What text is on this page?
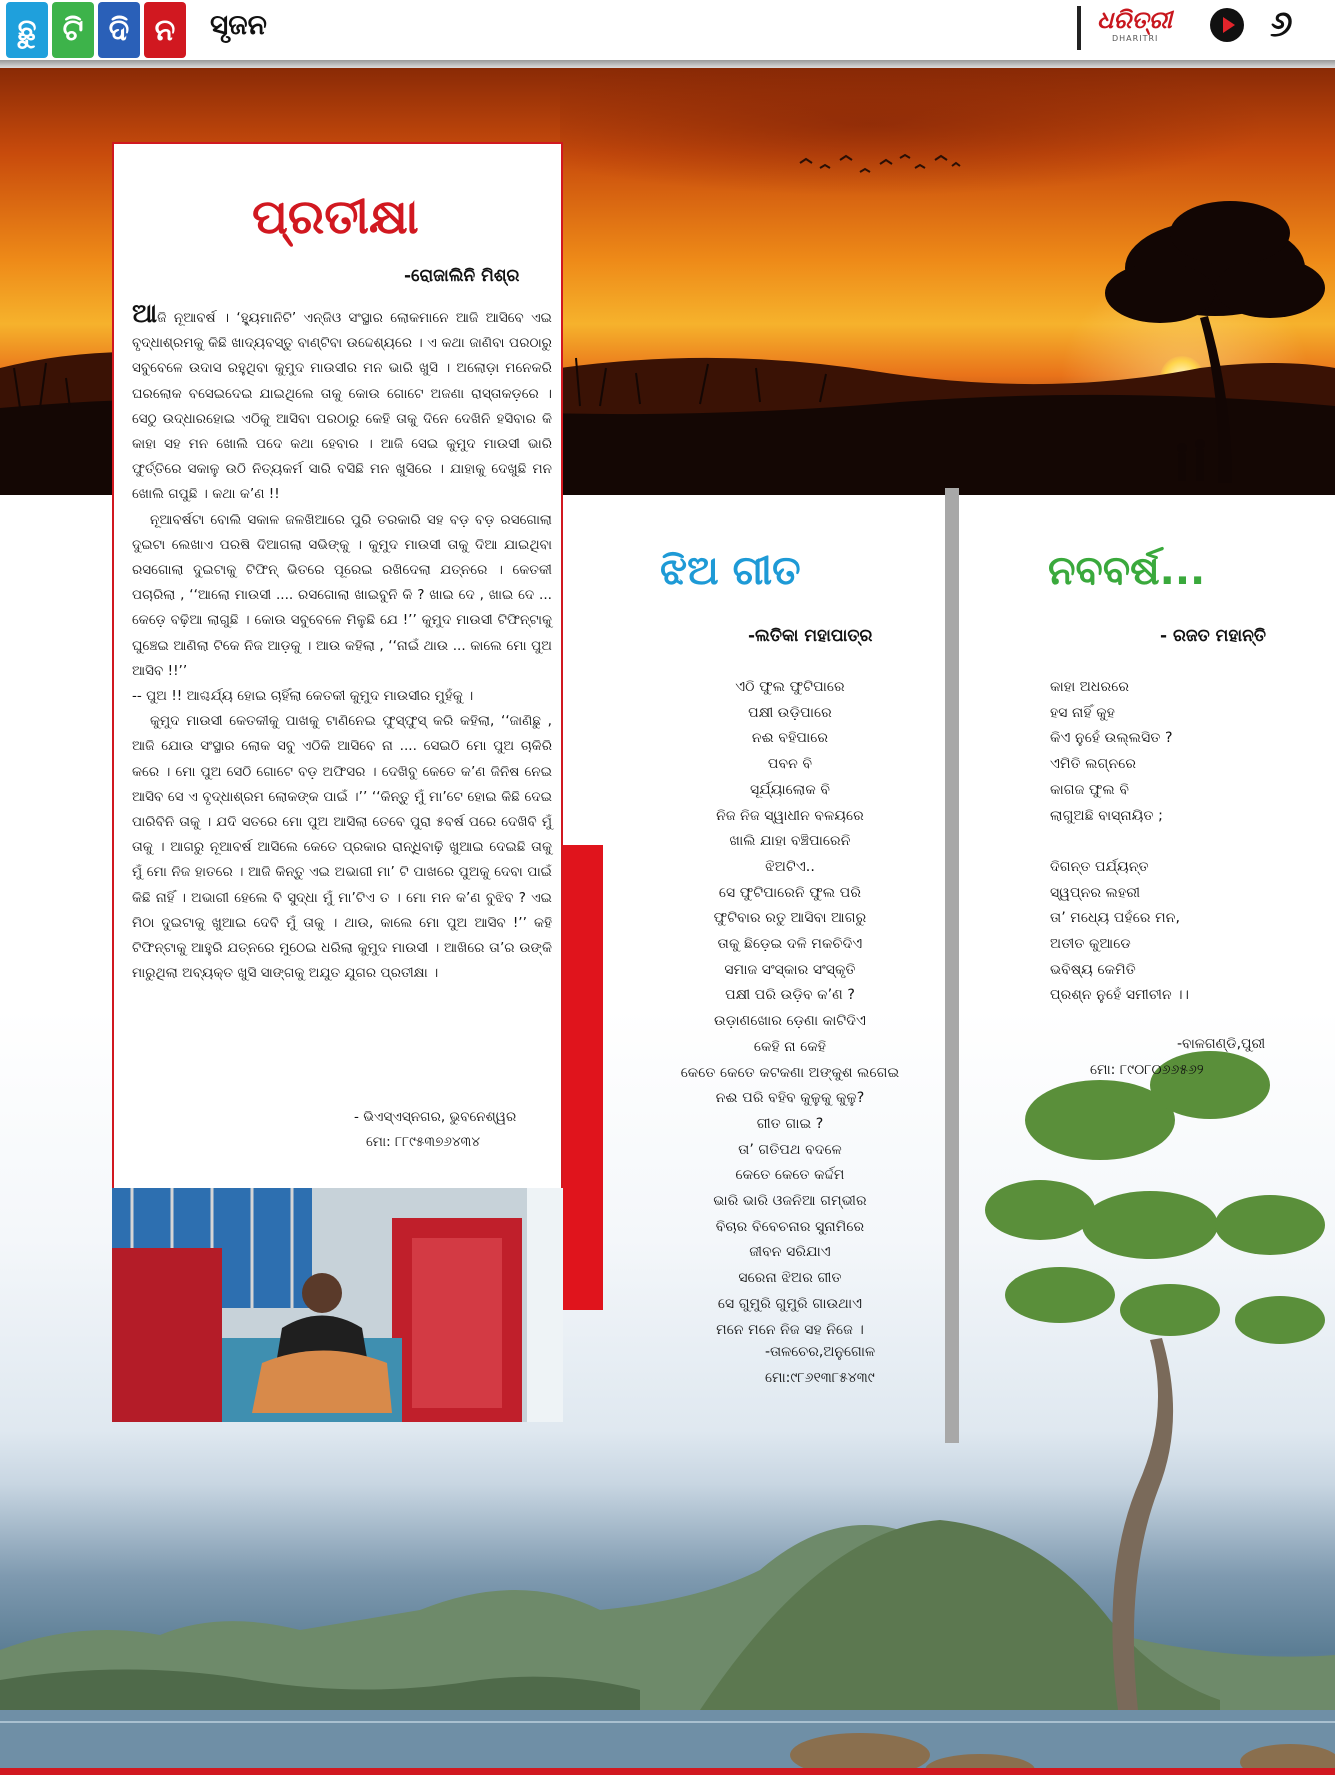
ଛୁ ଟି ଦି ନ	ସୃଜନ	ଧରିତ୍ରୀ
DHARITRI	୬
ପ୍ରତୀକ୍ଷା
-ରୋଜାଲିନି ମିଶ୍ର

ଆଜି ନୂଆବର୍ଷ । ‘ହ୍ୟୁମାନିଟି’ ଏନ୍‌ଜିଓ ସଂସ୍ଥାର ଲୋକମାନେ ଆଜି ଆସିବେ ଏଇ ବୃଦ୍ଧାଶ୍ରମକୁ କିଛି ଖାଦ୍ୟବସ୍ତୁ ବାଣ୍ଟିବା ଉଦ୍ଦେଶ୍ୟରେ । ଏ କଥା ଜାଣିବା ପରଠାରୁ ସବୁବେଳେ ଉଦାସ ରହୁଥିବା କୁମୁଦ ମାଉସୀର ମନ ଭାରି ଖୁସି । ଅଲୋଡ଼ା ମନେକରି ଘରଲୋକ ବସେଇଦେଇ ଯାଇଥିଲେ ତାକୁ କୋଉ ଗୋଟେ ଅଜଣା ରାସ୍ତାକଡ଼ରେ । ସେଠୁ ଉଦ୍ଧାରହୋଇ ଏଠିକୁ ଆସିବା ପରଠାରୁ କେହି ତାକୁ ଦିନେ ଦେଖିନି ହସିବାର କି କାହା ସହ ମନ ଖୋଲି ପଦେ କଥା ହେବାର । ଆଜି ସେଇ କୁମୁଦ ମାଉସୀ ଭାରି ଫୁର୍ତ୍ତିରେ ସକାଳୁ ଉଠି ନିତ୍ୟକର୍ମ ସାରି ବସିଛି ମନ ଖୁସିରେ । ଯାହାକୁ ଦେଖୁଛି ମନ ଖୋଲି ଗପୁଛି । କଥା କ’ଣ !!

ନୂଆବର୍ଷଟା ବୋଲି ସକାଳ ଜଳଖିଆରେ ପୁରି ତରକାରି ସହ ବଡ଼ ବଡ଼ ରସଗୋଲା ଦୁଇଟା ଲେଖାଏ ପରଷି ଦିଆଗଲା ସଭିଙ୍କୁ । କୁମୁଦ ମାଉସୀ ତାକୁ ଦିଆ ଯାଇଥିବା ରସଗୋଲା ଦୁଇଟାକୁ ଟିଫିନ୍ ଭିତରେ ପୂରେଇ ରଖିଦେଲା ଯତ୍ନରେ । କେତକୀ ପଚାରିଲା , ‘‘ଆଲୋ ମାଉସୀ .... ରସଗୋଲା ଖାଇବୁନି କି ? ଖାଇ ଦେ , ଖାଇ ଦେ ... କେଡ଼େ ବଢ଼ିଆ ଲାଗୁଛି । କୋଉ ସବୁବେଳେ ମିଳୁଛି ଯେ !’’ କୁମୁଦ ମାଉସୀ ଟିଫିନ୍‌ଟାକୁ ଘୁଞ୍ଚେଇ ଆଣିଲା ଟିକେ ନିଜ ଆଡ଼କୁ । ଆଉ କହିଲା , ‘‘ନାଇଁ ଥାଉ ... କାଲେ ମୋ ପୁଅ ଆସିବ !!’’

-- ପୁଅ !! ଆଶ୍ଚର୍ଯ୍ୟ ହୋଇ ଚାହିଁଲା କେତକୀ କୁମୁଦ ମାଉସୀର ମୁହଁକୁ ।

କୁମୁଦ ମାଉସୀ କେତକୀକୁ ପାଖକୁ ଟାଣିନେଇ ଫୁସ୍‌ଫୁସ୍ କରି କହିଲା, ‘‘ଜାଣିଛୁ , ଆଜି ଯୋଉ ସଂସ୍ଥାର ଲୋକ ସବୁ ଏଠିକି ଆସିବେ ନା .... ସେଇଠି ମୋ ପୁଅ ଚାକିରି କରେ । ମୋ ପୁଅ ସେଠି ଗୋଟେ ବଡ଼ ଅଫିସର । ଦେଖିବୁ କେତେ କ’ଣ ଜିନିଷ ନେଇ ଆସିବ ସେ ଏ ବୃଦ୍ଧାଶ୍ରମ ଲୋକଙ୍କ ପାଇଁ ।’’ ‘‘କିନ୍ତୁ ମୁଁ ମା’ଟେ ହୋଇ କିଛି ଦେଇ ପାରିବିନି ତାକୁ । ଯଦି ସତରେ ମୋ ପୁଅ ଆସିଲା ତେବେ ପୁରା ୫ବର୍ଷ ପରେ ଦେଖିବି ମୁଁ ତାକୁ । ଆଗରୁ ନୂଆବର୍ଷ ଆସିଲେ କେତେ ପ୍ରକାର ରାନ୍ଧିବାଢ଼ି ଖୁଆଇ ଦେଇଛି ତାକୁ ମୁଁ ମୋ ନିଜ ହାତରେ । ଆଜି କିନ୍ତୁ ଏଇ ଅଭାଗୀ ମା’ ଟି ପାଖରେ ପୁଅକୁ ଦେବା ପାଇଁ କିଛି ନାହିଁ । ଅଭାଗୀ ହେଲେ ବି ସୁଦ୍ଧା ମୁଁ ମା’ଟିଏ ତ । ମୋ ମନ କ’ଣ ବୁଝିବ ? ଏଇ ମିଠା ଦୁଇଟାକୁ ଖୁଆଇ ଦେବି ମୁଁ ତାକୁ । ଥାଉ, କାଲେ ମୋ ପୁଅ ଆସିବ !’’ କହି ଟିଫିନ୍‌ଟାକୁ ଆହୁରି ଯତ୍ନରେ ମୁଠେଇ ଧରିଲା କୁମୁଦ ମାଉସୀ । ଆଖିରେ ତା’ର ଉଙ୍କି ମାରୁଥିଲା ଅବ୍ୟକ୍ତ ଖୁସି ସାଙ୍ଗକୁ ଅଯୁତ ଯୁଗର ପ୍ରତୀକ୍ଷା ।

- ଭିଏସ୍ଏସ୍‌ନଗର, ଭୁବନେଶ୍ୱର
ମୋ: ୮୮୯୫୩୭୬୪୩୪
ଝିଅ ଗୀତ
-ଲତିକା ମହାପାତ୍ର
ଏଠି ଫୁଲ ଫୁଟିପାରେ
ପକ୍ଷୀ ଉଡ଼ିପାରେ
ନଈ ବହିପାରେ
ପବନ ବି
ସୂର୍ଯ୍ୟାଲୋକ ବି
ନିଜ ନିଜ ସ୍ୱାଧୀନ ବଳୟରେ
ଖାଲି ଯାହା ବଞ୍ଚିପାରେନି
ଝିଅଟିଏ..
ସେ ଫୁଟିପାରେନି ଫୁଲ ପରି
ଫୁଟିବାର ରତୁ ଆସିବା ଆଗରୁ
ତାକୁ ଛିଡ଼େଇ ଦଳି ମକଚିଦିଏ
ସମାଜ ସଂସ୍କାର ସଂସ୍କୃତି
ପକ୍ଷୀ ପରି ଉଡ଼ିବ କ’ଣ ?
ଉଡ଼ାଣଖୋର ଡ଼େଣା କାଟିଦିଏ
କେହି ନା କେହି
କେତେ କେତେ କଟକଣା ଅଙ୍କୁଶ ଲଗେଇ
ନଈ ପରି ବହିବ କୁଳୁକୁ କୁଳୁ?
ଗୀତ ଗାଇ ?
ତା’ ଗତିପଥ ବଦଳେ
କେତେ କେତେ କର୍ଦ୍ଦମ
ଭାରି ଭାରି ଓଜନିଆ ଗମ୍ଭୀର
ବିଚାର ବିବେଚନାର ସୁନାମିରେ
ଜୀବନ ସରିଯାଏ
ସରେନା ଝିଅର ଗୀତ
ସେ ଗୁମୁରି ଗୁମୁରି ଗାଉଥାଏ
ମନେ ମନେ ନିଜ ସହ ନିଜେ ।
-ତାଳଚେର,ଅନୁଗୋଳ
ମୋ:୯୮୬୧୩୮୫୪୩୯
ନବବର୍ଷ...
- ରଜତ ମହାନ୍ତି
କାହା ଅଧରରେ
ହସ ନାହିଁ କୁହ
କିଏ ନୁହେଁ ଉଲ୍ଲସିତ ?
ଏମିତି ଲଗ୍ନରେ
କାଗଜ ଫୁଲ ବି
ଲାଗୁଅଛି ବାସ୍ନାୟିତ ;
ଦିଗନ୍ତ ପର୍ଯ୍ୟନ୍ତ
ସ୍ୱପ୍ନର ଲହରୀ
ତା’ ମଧ୍ୟେ ପହଁରେ ମନ,
ଅତୀତ କୁଆଡେ
ଭବିଷ୍ୟ କେମିତି
ପ୍ରଶ୍ନ ନୁହେଁ ସମୀଚୀନ ।।
-ବାଳଗଣ୍ଡି,ପୁରୀ
ମୋ: ୮୯୦୮୦୬୬୫୬୨
